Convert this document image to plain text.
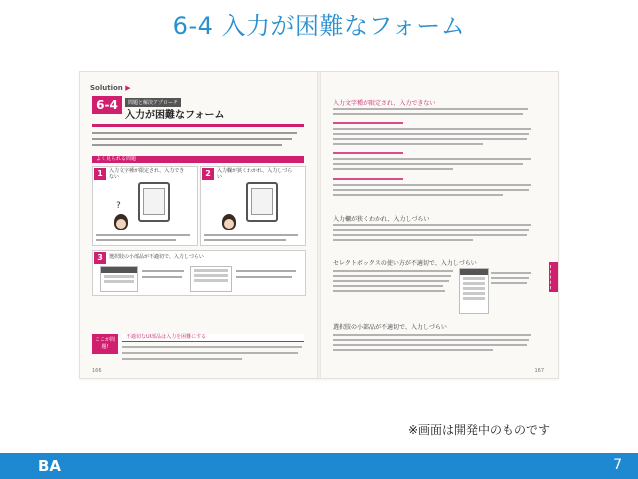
6-4 入力が困難なフォーム
Solution ▶
6-4	問題と解決アプローチ
入力が困難なフォーム
よく見られる問題
1	入力文字種が限定され、入力できない
?
2	入力欄が狭くわかれ、入力しづらい
3	選択肢の小部品が不適切で、入力しづらい
ここが問題!
不適切なUI部品は入力を困難にする
166
入力文字種が限定され、入力できない
入力欄が狭くわかれ、入力しづらい
セレクトボックスの使い方が不適切で、入力しづらい
選択肢の小部品が不適切で、入力しづらい
167
※画面は開発中のものです
BA	7
